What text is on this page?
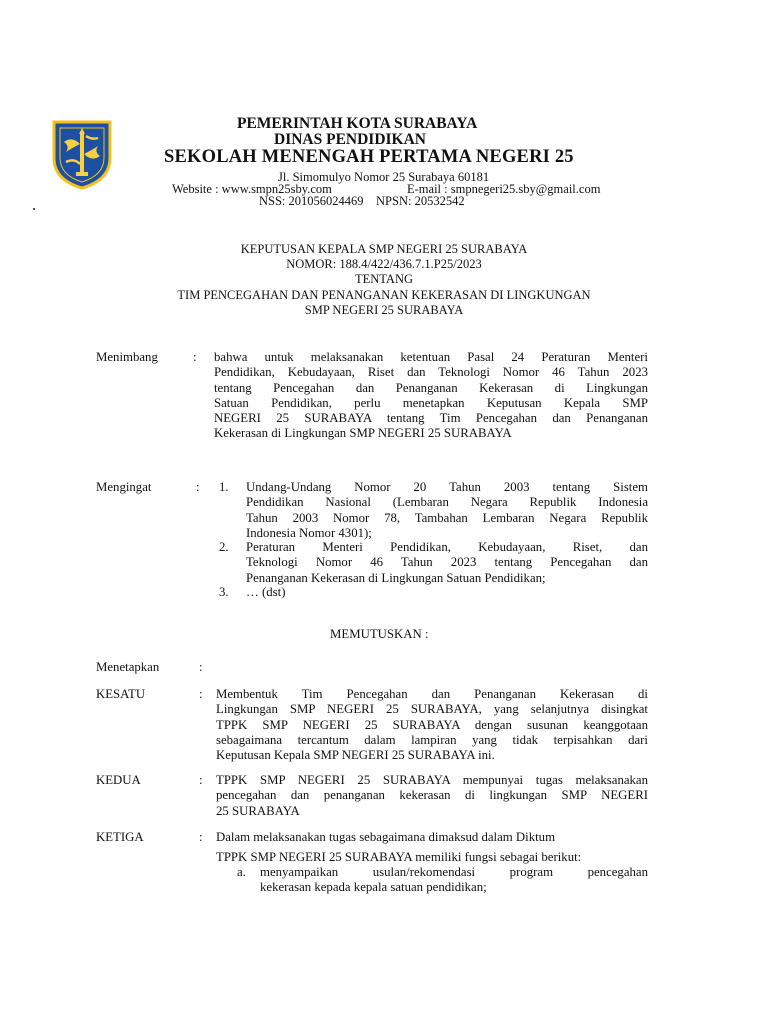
PEMERINTAH KOTA SURABAYA
DINAS PENDIDIKAN
SEKOLAH MENENGAH PERTAMA NEGERI 25
Jl. Simomulyo Nomor 25 Surabaya 60181
Website : www.smpn25sby.com	E-mail : smpnegeri25.sby@gmail.com
NSS: 201056024469    NPSN: 20532542
KEPUTUSAN KEPALA SMP NEGERI 25 SURABAYA
NOMOR: 188.4/422/436.7.1.P25/2023
TENTANG
TIM PENCEGAHAN DAN PENANGANAN KEKERASAN DI LINGKUNGAN
SMP NEGERI 25 SURABAYA
Menimbang	: bahwa untuk melaksanakan ketentuan Pasal 24 Peraturan Menteri
Pendidikan, Kebudayaan, Riset dan Teknologi Nomor 46 Tahun 2023
tentang Pencegahan dan Penanganan Kekerasan di Lingkungan
Satuan Pendidikan, perlu menetapkan Keputusan Kepala SMP
NEGERI 25 SURABAYA tentang Tim Pencegahan dan Penanganan
Kekerasan di Lingkungan SMP NEGERI 25 SURABAYA
Mengingat	: 1. Undang-Undang Nomor 20 Tahun 2003 tentang Sistem
Pendidikan Nasional (Lembaran Negara Republik Indonesia
Tahun 2003 Nomor 78, Tambahan Lembaran Negara Republik
Indonesia Nomor 4301);
2. Peraturan Menteri Pendidikan, Kebudayaan, Riset, dan
Teknologi Nomor 46 Tahun 2023 tentang Pencegahan dan
Penanganan Kekerasan di Lingkungan Satuan Pendidikan;
3. … (dst)
MEMUTUSKAN :
Menetapkan	:
KESATU	: Membentuk Tim Pencegahan dan Penanganan Kekerasan di
Lingkungan SMP NEGERI 25 SURABAYA, yang selanjutnya disingkat
TPPK SMP NEGERI 25 SURABAYA dengan susunan keanggotaan
sebagaimana tercantum dalam lampiran yang tidak terpisahkan dari
Keputusan Kepala SMP NEGERI 25 SURABAYA ini.
KEDUA	: TPPK SMP NEGERI 25 SURABAYA mempunyai tugas melaksanakan
pencegahan dan penanganan kekerasan di lingkungan SMP NEGERI
25 SURABAYA
KETIGA	: Dalam melaksanakan tugas sebagaimana dimaksud dalam Diktum
TPPK SMP NEGERI 25 SURABAYA memiliki fungsi sebagai berikut:
a. menyampaikan usulan/rekomendasi program pencegahan
kekerasan kepada kepala satuan pendidikan;
